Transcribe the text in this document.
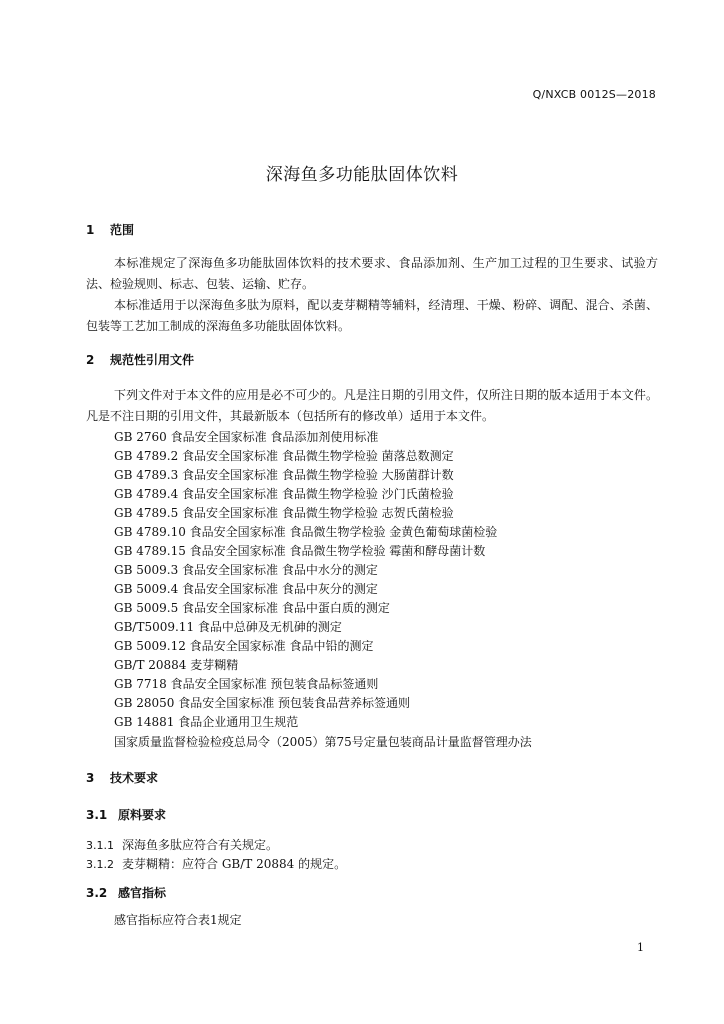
Q/NXCB 0012S—2018
深海鱼多功能肽固体饮料
1 范围
本标准规定了深海鱼多功能肽固体饮料的技术要求、食品添加剂、生产加工过程的卫生要求、试验方法、检验规则、标志、包装、运输、贮存。
本标准适用于以深海鱼多肽为原料，配以麦芽糊精等辅料，经清理、干燥、粉碎、调配、混合、杀菌、包装等工艺加工制成的深海鱼多功能肽固体饮料。
2 规范性引用文件
下列文件对于本文件的应用是必不可少的。凡是注日期的引用文件，仅所注日期的版本适用于本文件。凡是不注日期的引用文件，其最新版本（包括所有的修改单）适用于本文件。
GB 2760 食品安全国家标准 食品添加剂使用标准
GB 4789.2 食品安全国家标准 食品微生物学检验 菌落总数测定
GB 4789.3 食品安全国家标准 食品微生物学检验 大肠菌群计数
GB 4789.4 食品安全国家标准 食品微生物学检验 沙门氏菌检验
GB 4789.5 食品安全国家标准 食品微生物学检验 志贺氏菌检验
GB 4789.10 食品安全国家标准 食品微生物学检验 金黄色葡萄球菌检验
GB 4789.15 食品安全国家标准 食品微生物学检验 霉菌和酵母菌计数
GB 5009.3 食品安全国家标准 食品中水分的测定
GB 5009.4 食品安全国家标准 食品中灰分的测定
GB 5009.5 食品安全国家标准 食品中蛋白质的测定
GB/T5009.11 食品中总砷及无机砷的测定
GB 5009.12 食品安全国家标准 食品中铅的测定
GB/T 20884 麦芽糊精
GB 7718 食品安全国家标准 预包装食品标签通则
GB 28050 食品安全国家标准 预包装食品营养标签通则
GB 14881 食品企业通用卫生规范
国家质量监督检验检疫总局令（2005）第75号定量包装商品计量监督管理办法
3 技术要求
3.1 原料要求
3.1.1 深海鱼多肽应符合有关规定。
3.1.2 麦芽糊精：应符合 GB/T 20884 的规定。
3.2 感官指标
感官指标应符合表1规定
1
